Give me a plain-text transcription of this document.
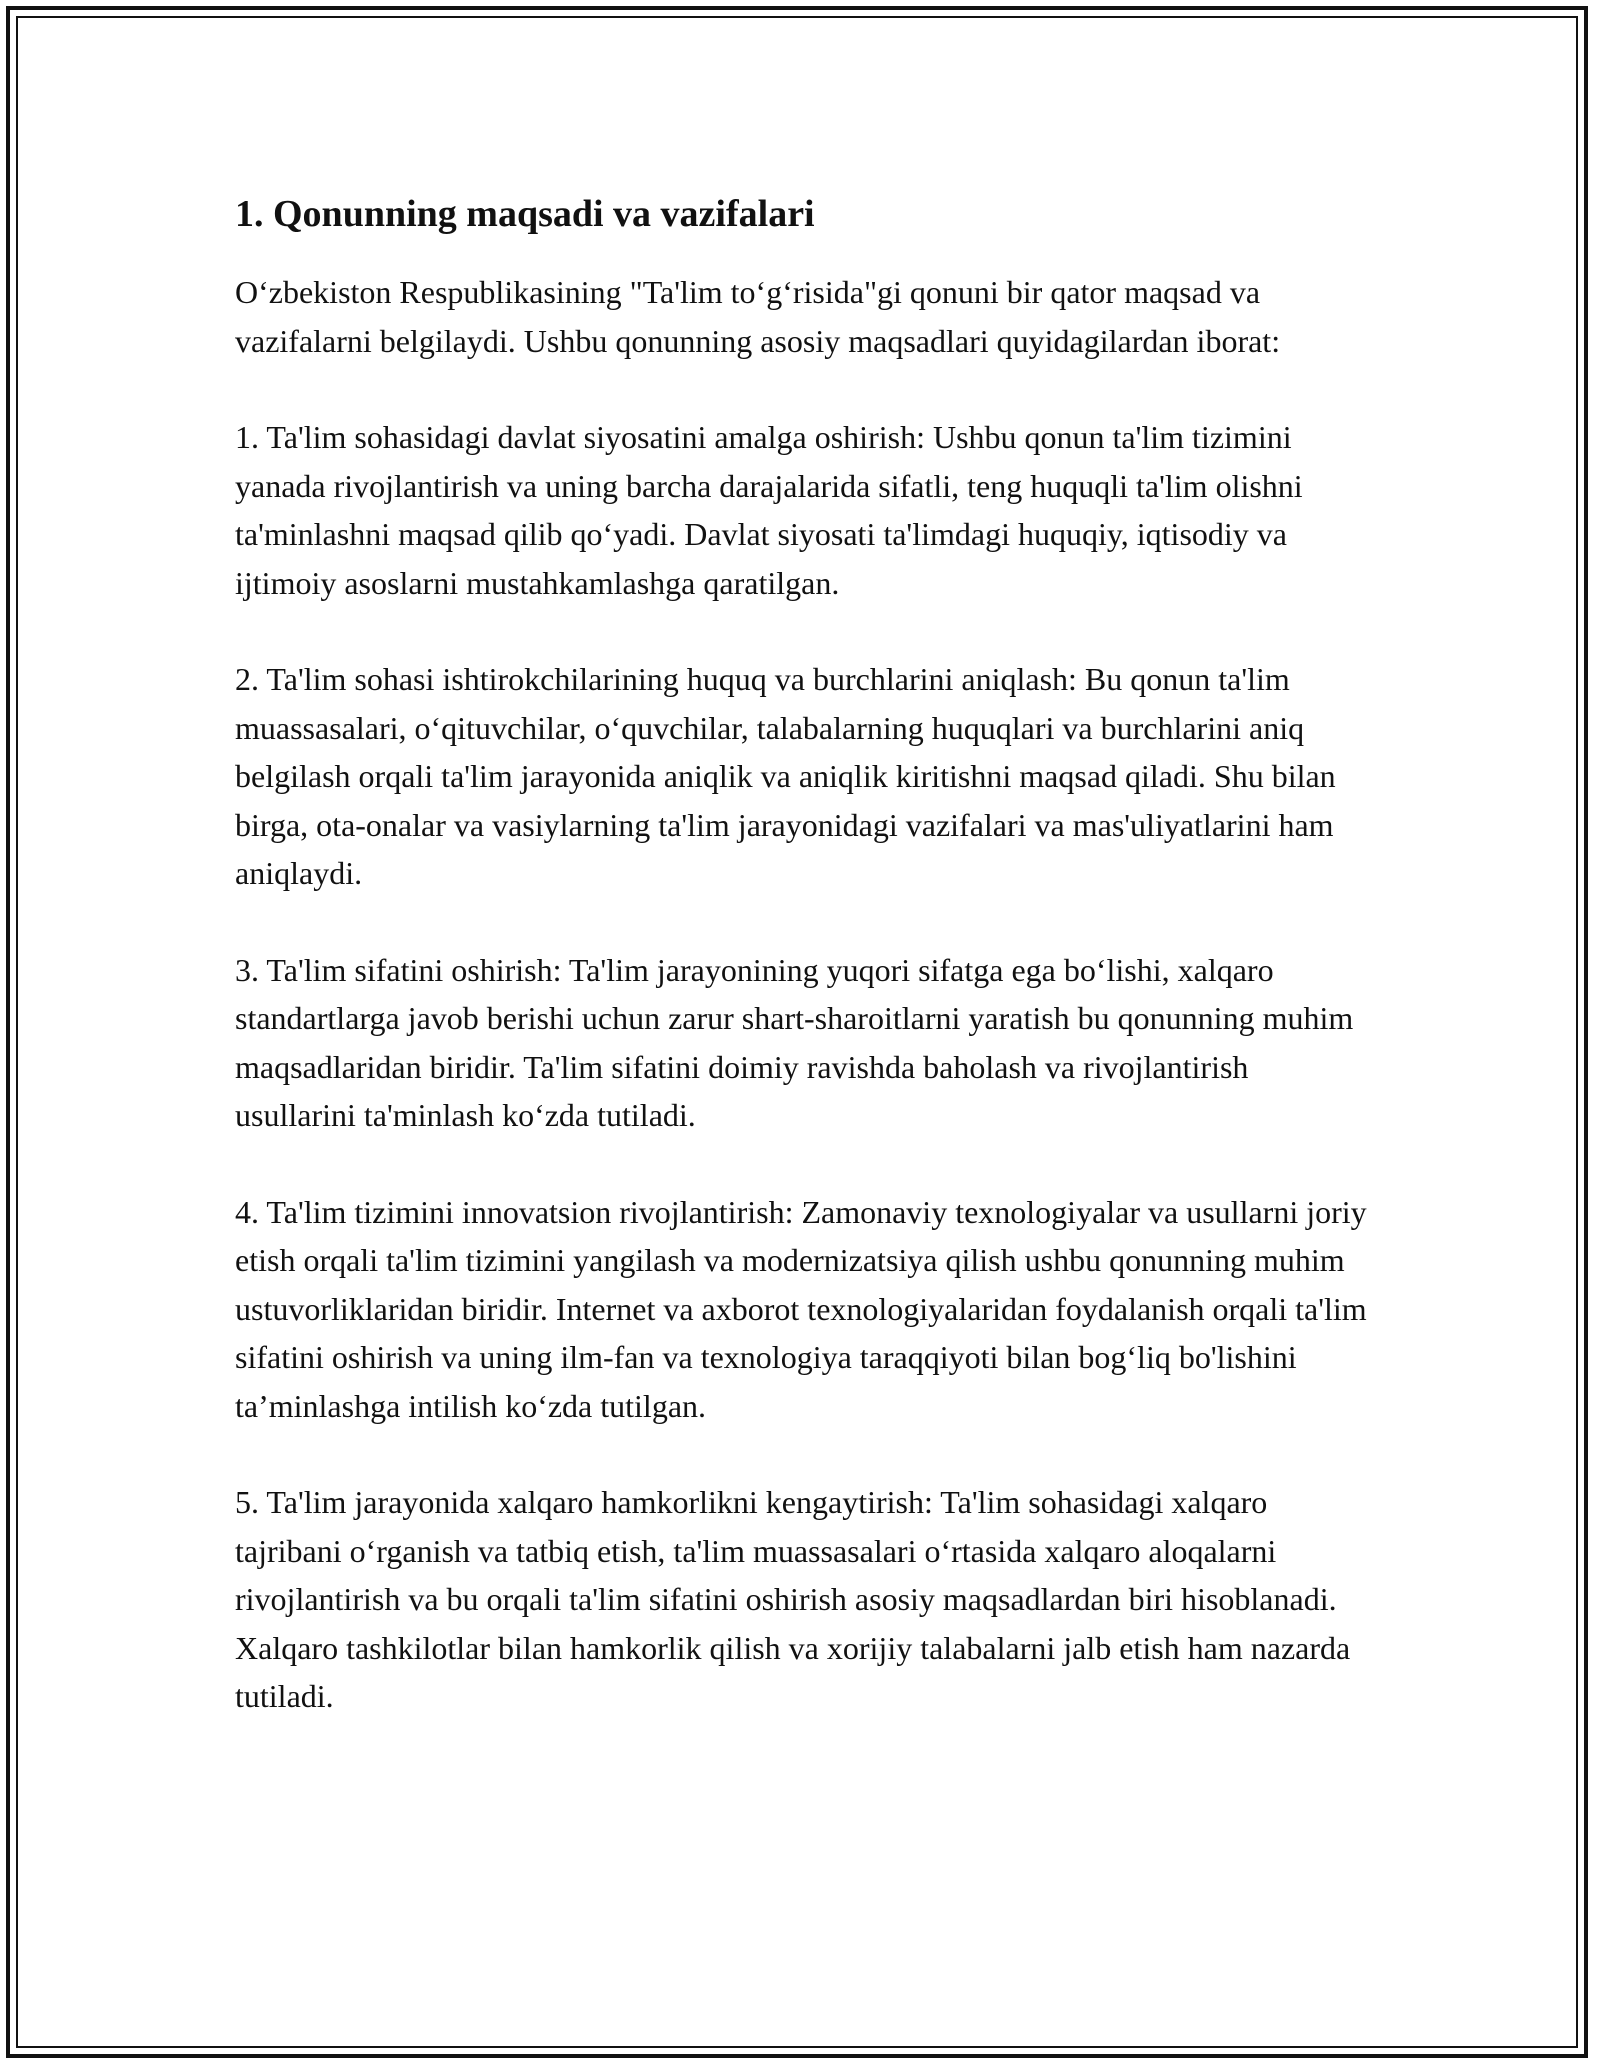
1. Qonunning maqsadi va vazifalari

O‘zbekiston Respublikasining "Ta'lim to‘g‘risida"gi qonuni bir qator maqsad va vazifalarni belgilaydi. Ushbu qonunning asosiy maqsadlari quyidagilardan iborat:

1. Ta'lim sohasidagi davlat siyosatini amalga oshirish: Ushbu qonun ta'lim tizimini yanada rivojlantirish va uning barcha darajalarida sifatli, teng huquqli ta'lim olishni ta'minlashni maqsad qilib qo‘yadi. Davlat siyosati ta'limdagi huquqiy, iqtisodiy va ijtimoiy asoslarni mustahkamlashga qaratilgan.

2. Ta'lim sohasi ishtirokchilarining huquq va burchlarini aniqlash: Bu qonun ta'lim muassasalari, o‘qituvchilar, o‘quvchilar, talabalarning huquqlari va burchlarini aniq belgilash orqali ta'lim jarayonida aniqlik va aniqlik kiritishni maqsad qiladi. Shu bilan birga, ota-onalar va vasiylarning ta'lim jarayonidagi vazifalari va mas'uliyatlarini ham aniqlaydi.

3. Ta'lim sifatini oshirish: Ta'lim jarayonining yuqori sifatga ega bo‘lishi, xalqaro standartlarga javob berishi uchun zarur shart-sharoitlarni yaratish bu qonunning muhim maqsadlaridan biridir. Ta'lim sifatini doimiy ravishda baholash va rivojlantirish usullarini ta'minlash ko‘zda tutiladi.

4. Ta'lim tizimini innovatsion rivojlantirish: Zamonaviy texnologiyalar va usullarni joriy etish orqali ta'lim tizimini yangilash va modernizatsiya qilish ushbu qonunning muhim ustuvorliklaridan biridir. Internet va axborot texnologiyalaridan foydalanish orqali ta'lim sifatini oshirish va uning ilm-fan va texnologiya taraqqiyoti bilan bog‘liq bo'lishini ta’minlashga intilish ko‘zda tutilgan.

5. Ta'lim jarayonida xalqaro hamkorlikni kengaytirish: Ta'lim sohasidagi xalqaro tajribani o‘rganish va tatbiq etish, ta'lim muassasalari o‘rtasida xalqaro aloqalarni rivojlantirish va bu orqali ta'lim sifatini oshirish asosiy maqsadlardan biri hisoblanadi. Xalqaro tashkilotlar bilan hamkorlik qilish va xorijiy talabalarni jalb etish ham nazarda tutiladi.
